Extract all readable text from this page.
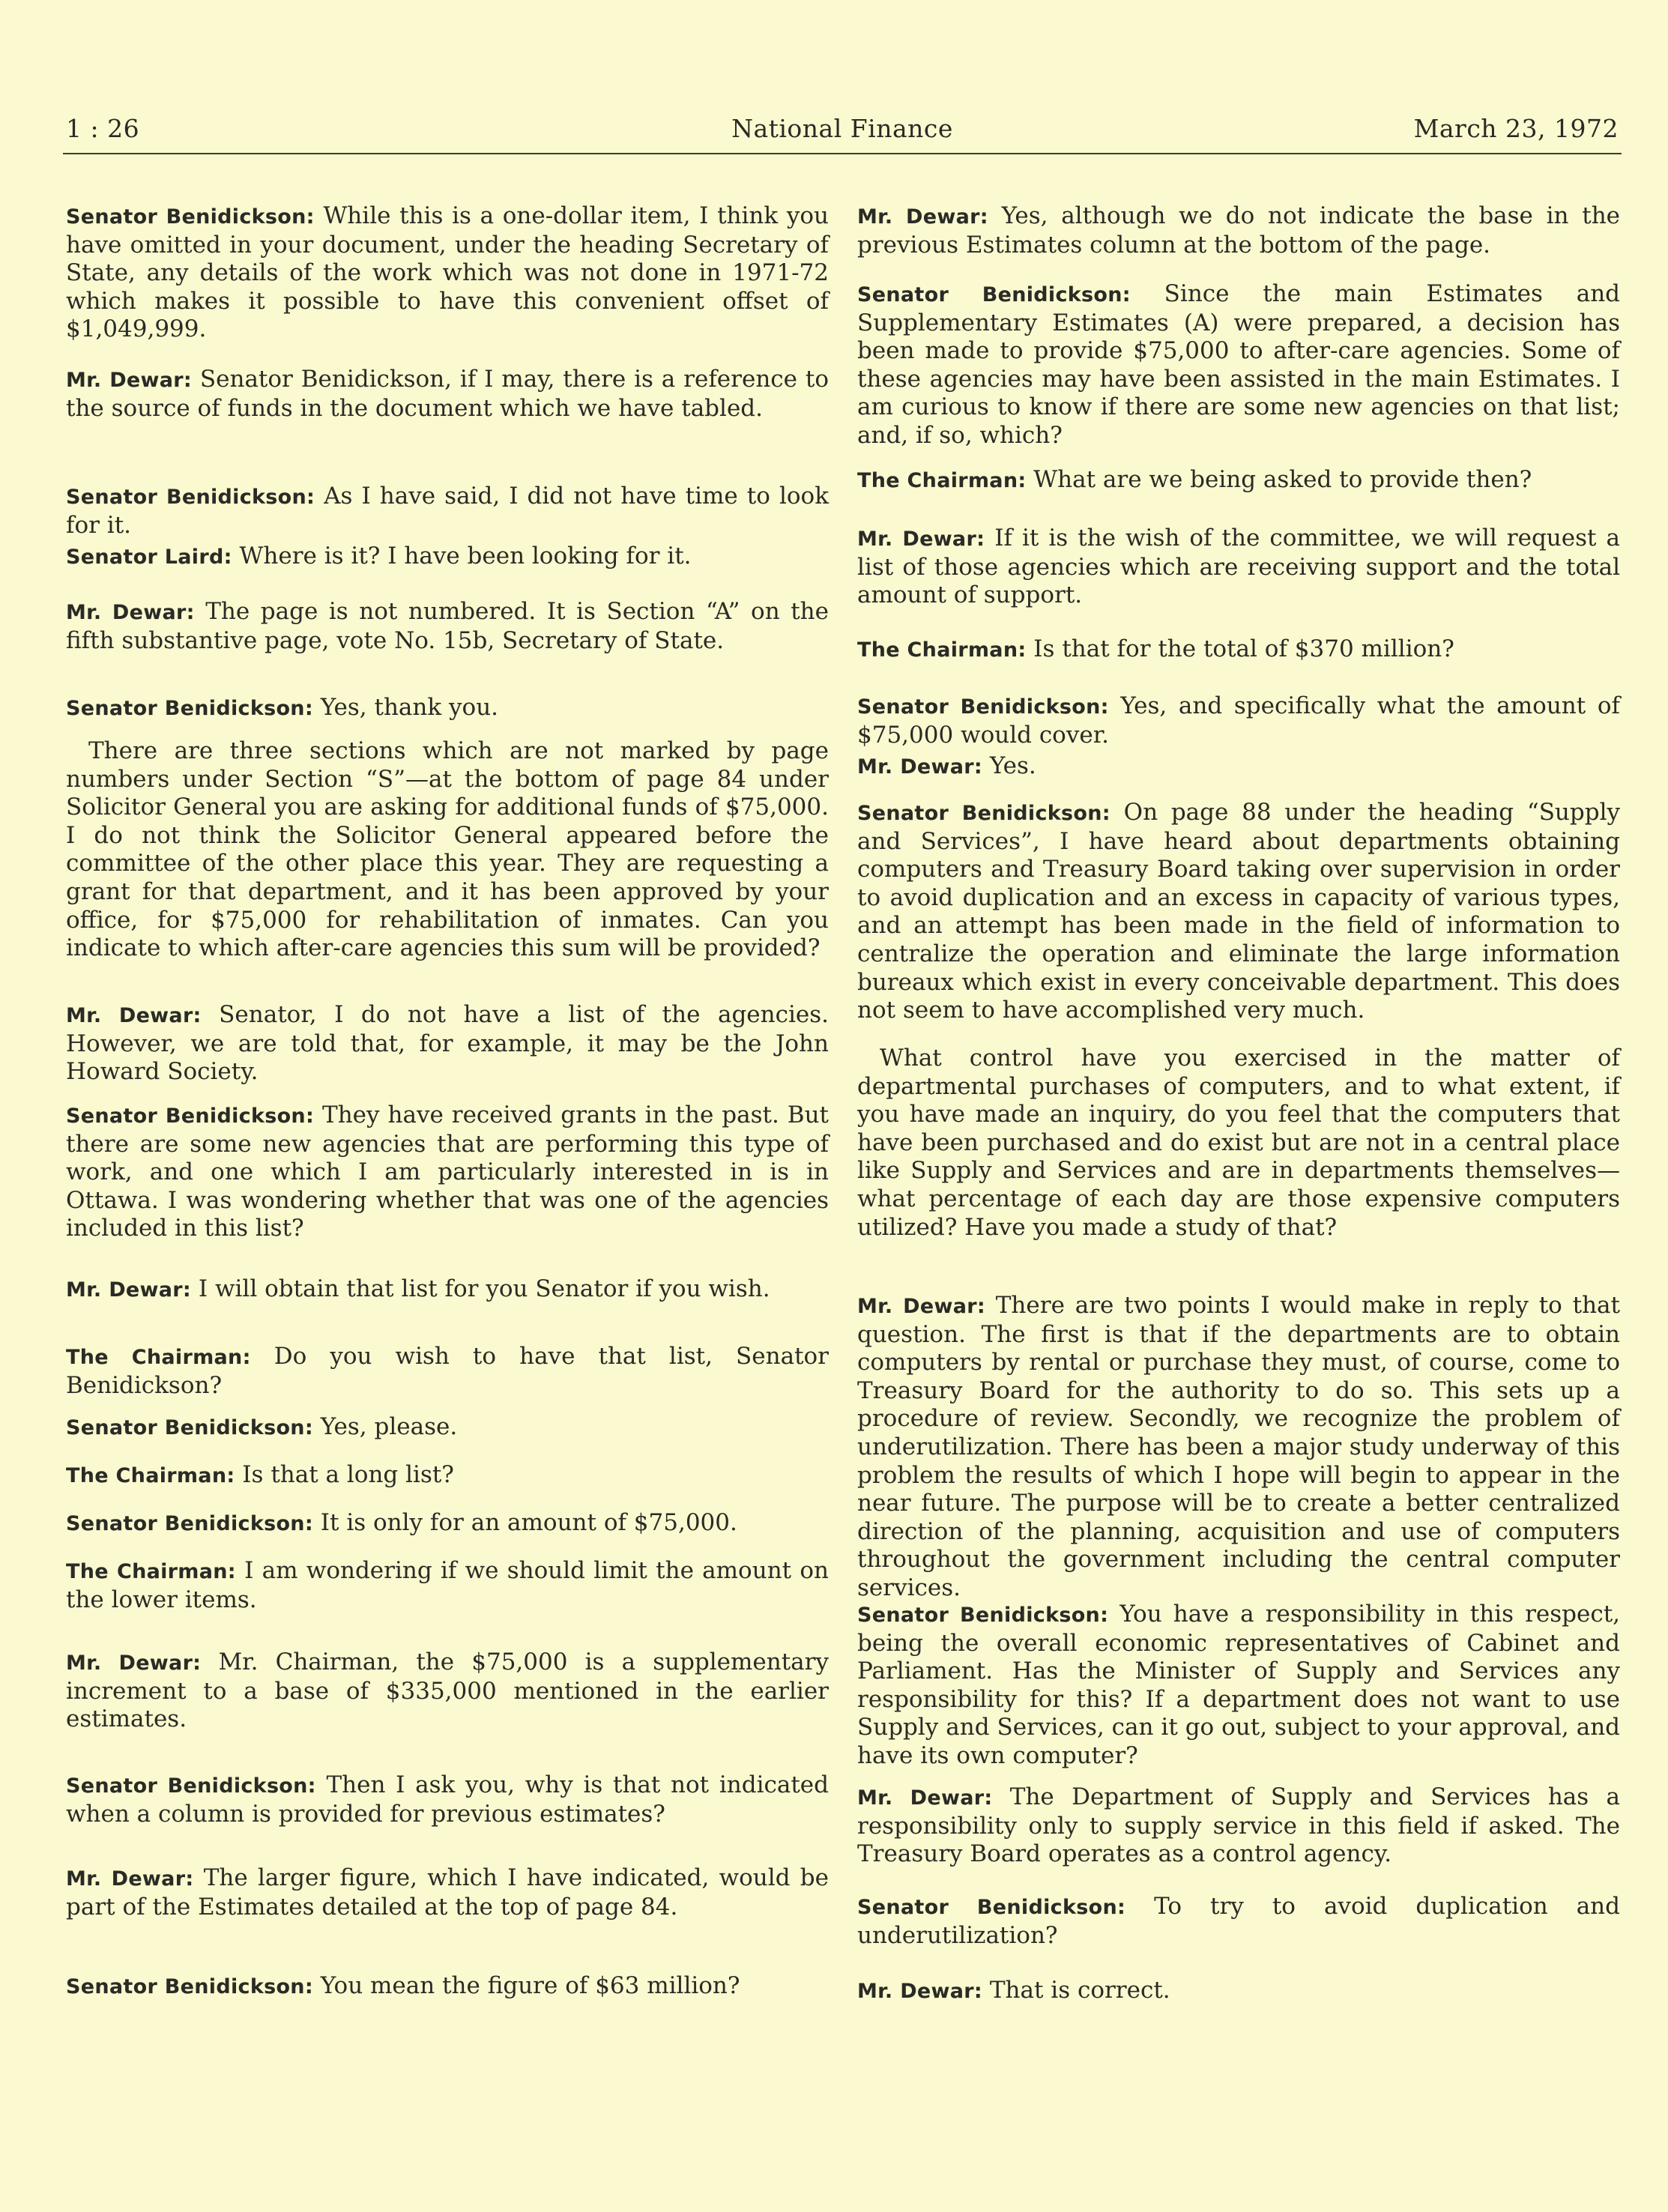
National Finance
1 : 26	March 23, 1972
Senator Benidickson: While this is a one-dollar item, I think you have omitted in your document, under the heading Secretary of State, any details of the work which was not done in 1971-72 which makes it possible to have this convenient offset of $1,049,999.
Mr. Dewar: Senator Benidickson, if I may, there is a reference to the source of funds in the document which we have tabled.
Senator Benidickson: As I have said, I did not have time to look for it.
Senator Laird: Where is it? I have been looking for it.
Mr. Dewar: The page is not numbered. It is Section “A” on the fifth substantive page, vote No. 15b, Secretary of State.
Senator Benidickson: Yes, thank you.
There are three sections which are not marked by page numbers under Section “S”—at the bottom of page 84 under Solicitor General you are asking for additional funds of $75,000. I do not think the Solicitor General appeared before the committee of the other place this year. They are requesting a grant for that department, and it has been approved by your office, for $75,000 for rehabilitation of inmates. Can you indicate to which after-care agencies this sum will be provided?
Mr. Dewar: Senator, I do not have a list of the agencies. However, we are told that, for example, it may be the John Howard Society.
Senator Benidickson: They have received grants in the past. But there are some new agencies that are performing this type of work, and one which I am particularly interested in is in Ottawa. I was wondering whether that was one of the agencies included in this list?
Mr. Dewar: I will obtain that list for you Senator if you wish.
The Chairman: Do you wish to have that list, Senator Benidickson?
Senator Benidickson: Yes, please.
The Chairman: Is that a long list?
Senator Benidickson: It is only for an amount of $75,000.
The Chairman: I am wondering if we should limit the amount on the lower items.
Mr. Dewar: Mr. Chairman, the $75,000 is a supplementary increment to a base of $335,000 mentioned in the earlier estimates.
Senator Benidickson: Then I ask you, why is that not indicated when a column is provided for previous estimates?
Mr. Dewar: The larger figure, which I have indicated, would be part of the Estimates detailed at the top of page 84.
Senator Benidickson: You mean the figure of $63 million?
Mr. Dewar: Yes, although we do not indicate the base in the previous Estimates column at the bottom of the page.
Senator Benidickson: Since the main Estimates and Supplementary Estimates (A) were prepared, a decision has been made to provide $75,000 to after-care agencies. Some of these agencies may have been assisted in the main Estimates. I am curious to know if there are some new agencies on that list; and, if so, which?
The Chairman: What are we being asked to provide then?
Mr. Dewar: If it is the wish of the committee, we will request a list of those agencies which are receiving support and the total amount of support.
The Chairman: Is that for the total of $370 million?
Senator Benidickson: Yes, and specifically what the amount of $75,000 would cover.
Mr. Dewar: Yes.
Senator Benidickson: On page 88 under the heading “Supply and Services”, I have heard about departments obtaining computers and Treasury Board taking over supervision in order to avoid duplication and an excess in capacity of various types, and an attempt has been made in the field of information to centralize the operation and eliminate the large information bureaux which exist in every conceivable department. This does not seem to have accomplished very much.
What control have you exercised in the matter of departmental purchases of computers, and to what extent, if you have made an inquiry, do you feel that the computers that have been purchased and do exist but are not in a central place like Supply and Services and are in departments themselves—what percentage of each day are those expensive computers utilized? Have you made a study of that?
Mr. Dewar: There are two points I would make in reply to that question. The first is that if the departments are to obtain computers by rental or purchase they must, of course, come to Treasury Board for the authority to do so. This sets up a procedure of review. Secondly, we recognize the problem of underutilization. There has been a major study underway of this problem the results of which I hope will begin to appear in the near future. The purpose will be to create a better centralized direction of the planning, acquisition and use of computers throughout the government including the central computer services.
Senator Benidickson: You have a responsibility in this respect, being the overall economic representatives of Cabinet and Parliament. Has the Minister of Supply and Services any responsibility for this? If a department does not want to use Supply and Services, can it go out, subject to your approval, and have its own computer?
Mr. Dewar: The Department of Supply and Services has a responsibility only to supply service in this field if asked. The Treasury Board operates as a control agency.
Senator Benidickson: To try to avoid duplication and underutilization?
Mr. Dewar: That is correct.
